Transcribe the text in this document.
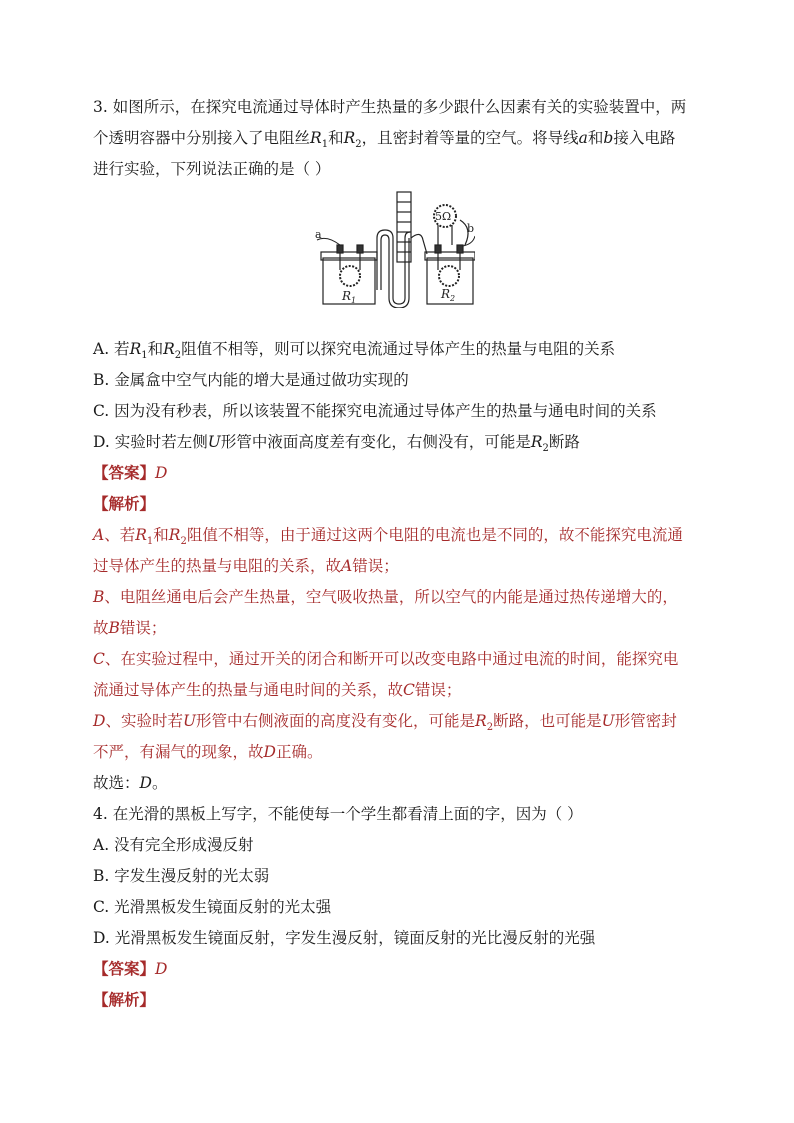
3. 如图所示，在探究电流通过导体时产生热量的多少跟什么因素有关的实验装置中，两
个透明容器中分别接入了电阻丝$R_1$和$R_2$，且密封着等量的空气。将导线a和b接入电路
进行实验，下列说法正确的是（ ）
a	b
5Ω
$R_1$	$R_2$
A. 若$R_1$和$R_2$阻值不相等，则可以探究电流通过导体产生的热量与电阻的关系
B. 金属盒中空气内能的增大是通过做功实现的
C. 因为没有秒表，所以该装置不能探究电流通过导体产生的热量与通电时间的关系
D. 实验时若左侧U形管中液面高度差有变化，右侧没有，可能是$R_2$断路
【答案】D
【解析】
A、若$R_1$和$R_2$阻值不相等，由于通过这两个电阻的电流也是不同的，故不能探究电流通
过导体产生的热量与电阻的关系，故A错误；
B、电阻丝通电后会产生热量，空气吸收热量，所以空气的内能是通过热传递增大的，
故B错误；
C、在实验过程中，通过开关的闭合和断开可以改变电路中通过电流的时间，能探究电
流通过导体产生的热量与通电时间的关系，故C错误；
D、实验时若U形管中右侧液面的高度没有变化，可能是$R_2$断路，也可能是U形管密封
不严，有漏气的现象，故D正确。
故选：D。
4. 在光滑的黑板上写字，不能使每一个学生都看清上面的字，因为（ ）
A. 没有完全形成漫反射
B. 字发生漫反射的光太弱
C. 光滑黑板发生镜面反射的光太强
D. 光滑黑板发生镜面反射，字发生漫反射，镜面反射的光比漫反射的光强
【答案】D
【解析】
